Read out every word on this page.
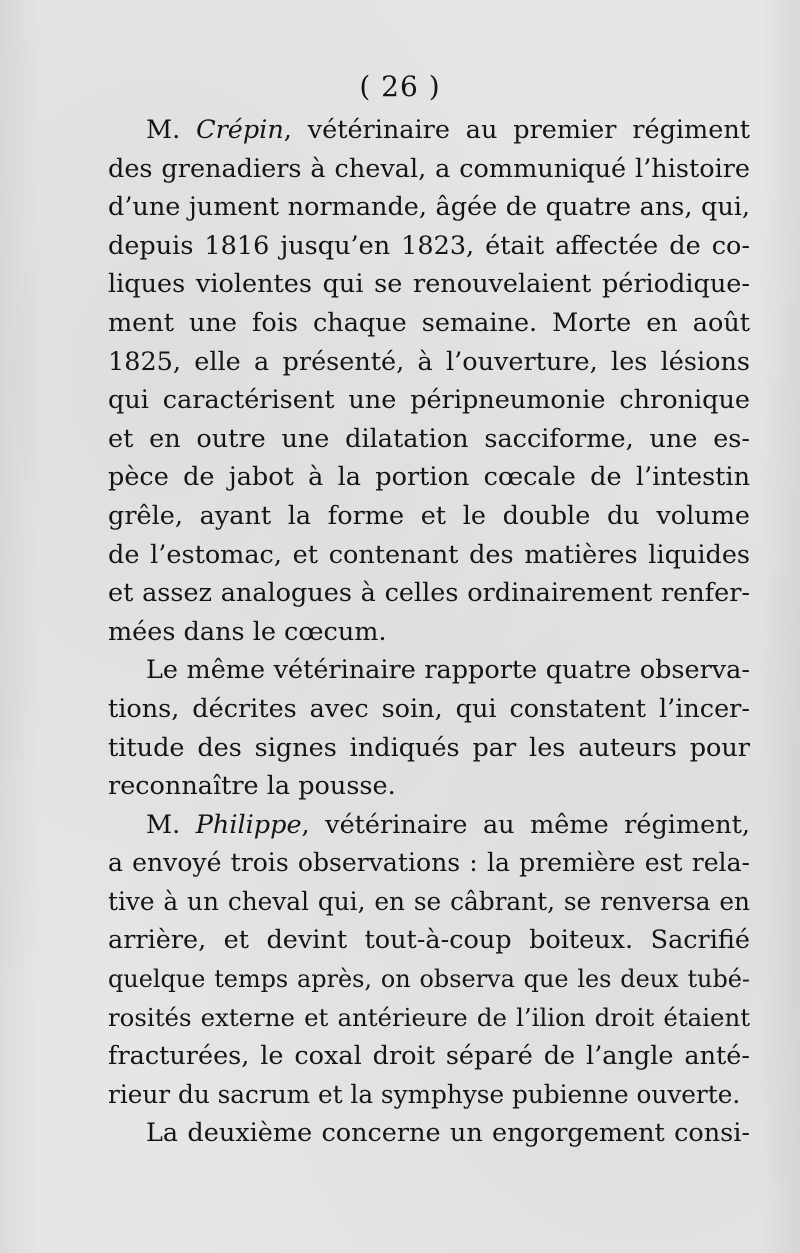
( 26 )
M. Crépin, vétérinaire au premier régiment
des grenadiers à cheval, a communiqué l’histoire
d’une jument normande, âgée de quatre ans, qui,
depuis 1816 jusqu’en 1823, était affectée de co-
liques violentes qui se renouvelaient périodique-
ment une fois chaque semaine. Morte en août
1825, elle a présenté, à l’ouverture, les lésions
qui caractérisent une péripneumonie chronique
et en outre une dilatation sacciforme, une es-
pèce de jabot à la portion cœcale de l’intestin
grêle, ayant la forme et le double du volume
de l’estomac, et contenant des matières liquides
et assez analogues à celles ordinairement renfer-
mées dans le cœcum.
Le même vétérinaire rapporte quatre observa-
tions, décrites avec soin, qui constatent l’incer-
titude des signes indiqués par les auteurs pour
reconnaître la pousse.
M. Philippe, vétérinaire au même régiment,
a envoyé trois observations : la première est rela-
tive à un cheval qui, en se câbrant, se renversa en
arrière, et devint tout-à-coup boiteux. Sacrifié
quelque temps après, on observa que les deux tubé-
rosités externe et antérieure de l’ilion droit étaient
fracturées, le coxal droit séparé de l’angle anté-
rieur du sacrum et la symphyse pubienne ouverte.
La deuxième concerne un engorgement consi-
